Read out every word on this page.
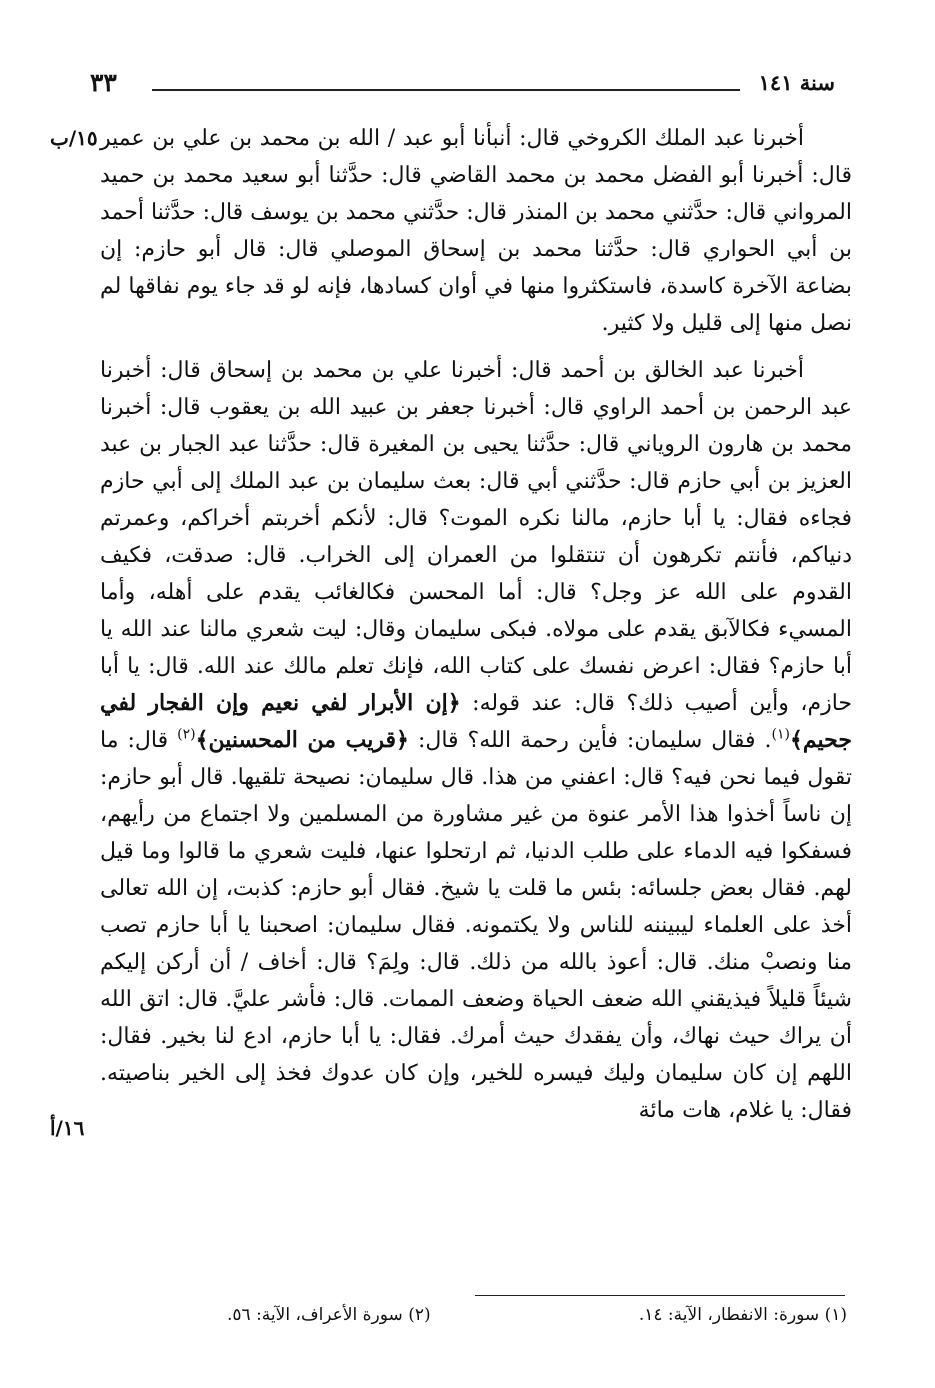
٣٣	سنة ١٤١
١٥/ب
١٦/أ

أخبرنا عبد الملك الكروخي قال: أنبأنا أبو عبد / الله بن محمد بن علي بن عمير قال: أخبرنا أبو الفضل محمد بن محمد القاضي قال: حدَّثنا أبو سعيد محمد بن حميد المرواني قال: حدَّثني محمد بن المنذر قال: حدَّثني محمد بن يوسف قال: حدَّثنا أحمد بن أبي الحواري قال: حدَّثنا محمد بن إسحاق الموصلي قال: قال أبو حازم: إن بضاعة الآخرة كاسدة، فاستكثروا منها في أوان كسادها، فإنه لو قد جاء يوم نفاقها لم نصل منها إلى قليل ولا كثير.

أخبرنا عبد الخالق بن أحمد قال: أخبرنا علي بن محمد بن إسحاق قال: أخبرنا عبد الرحمن بن أحمد الراوي قال: أخبرنا جعفر بن عبيد الله بن يعقوب قال: أخبرنا محمد بن هارون الروياني قال: حدَّثنا يحيى بن المغيرة قال: حدَّثنا عبد الجبار بن عبد العزيز بن أبي حازم قال: حدَّثني أبي قال: بعث سليمان بن عبد الملك إلى أبي حازم فجاءه فقال: يا أبا حازم، مالنا نكره الموت؟ قال: لأنكم أخربتم أخراكم، وعمرتم دنياكم، فأنتم تكرهون أن تنتقلوا من العمران إلى الخراب. قال: صدقت، فكيف القدوم على الله عز وجل؟ قال: أما المحسن فكالغائب يقدم على أهله، وأما المسيء فكالآبق يقدم على مولاه. فبكى سليمان وقال: ليت شعري مالنا عند الله يا أبا حازم؟ فقال: اعرض نفسك على كتاب الله، فإنك تعلم مالك عند الله. قال: يا أبا حازم، وأين أصيب ذلك؟ قال: عند قوله: ﴿إن الأبرار لفي نعيم وإن الفجار لفي جحيم﴾$^{(١)}$. فقال سليمان: فأين رحمة الله؟ قال: ﴿قريب من المحسنين﴾$^{(٢)}$ قال: ما تقول فيما نحن فيه؟ قال: اعفني من هذا. قال سليمان: نصيحة تلقيها. قال أبو حازم: إن ناساً أخذوا هذا الأمر عنوة من غير مشاورة من المسلمين ولا اجتماع من رأيهم، فسفكوا فيه الدماء على طلب الدنيا، ثم ارتحلوا عنها، فليت شعري ما قالوا وما قيل لهم. فقال بعض جلسائه: بئس ما قلت يا شيخ. فقال أبو حازم: كذبت، إن الله تعالى أخذ على العلماء ليبيننه للناس ولا يكتمونه. فقال سليمان: اصحبنا يا أبا حازم تصب منا ونصبْ منك. قال: أعوذ بالله من ذلك. قال: ولِمَ؟ قال: أخاف / أن أركن إليكم شيئاً قليلاً فيذيقني الله ضعف الحياة وضعف الممات. قال: فأشر عليَّ. قال: اتق الله أن يراك حيث نهاك، وأن يفقدك حيث أمرك. فقال: يا أبا حازم، ادع لنا بخير. فقال: اللهم إن كان سليمان وليك فيسره للخير، وإن كان عدوك فخذ إلى الخير بناصيته. فقال: يا غلام، هات مائة

(١) سورة: الانفطار، الآية: ١٤.
(٢) سورة الأعراف، الآية: ٥٦.
